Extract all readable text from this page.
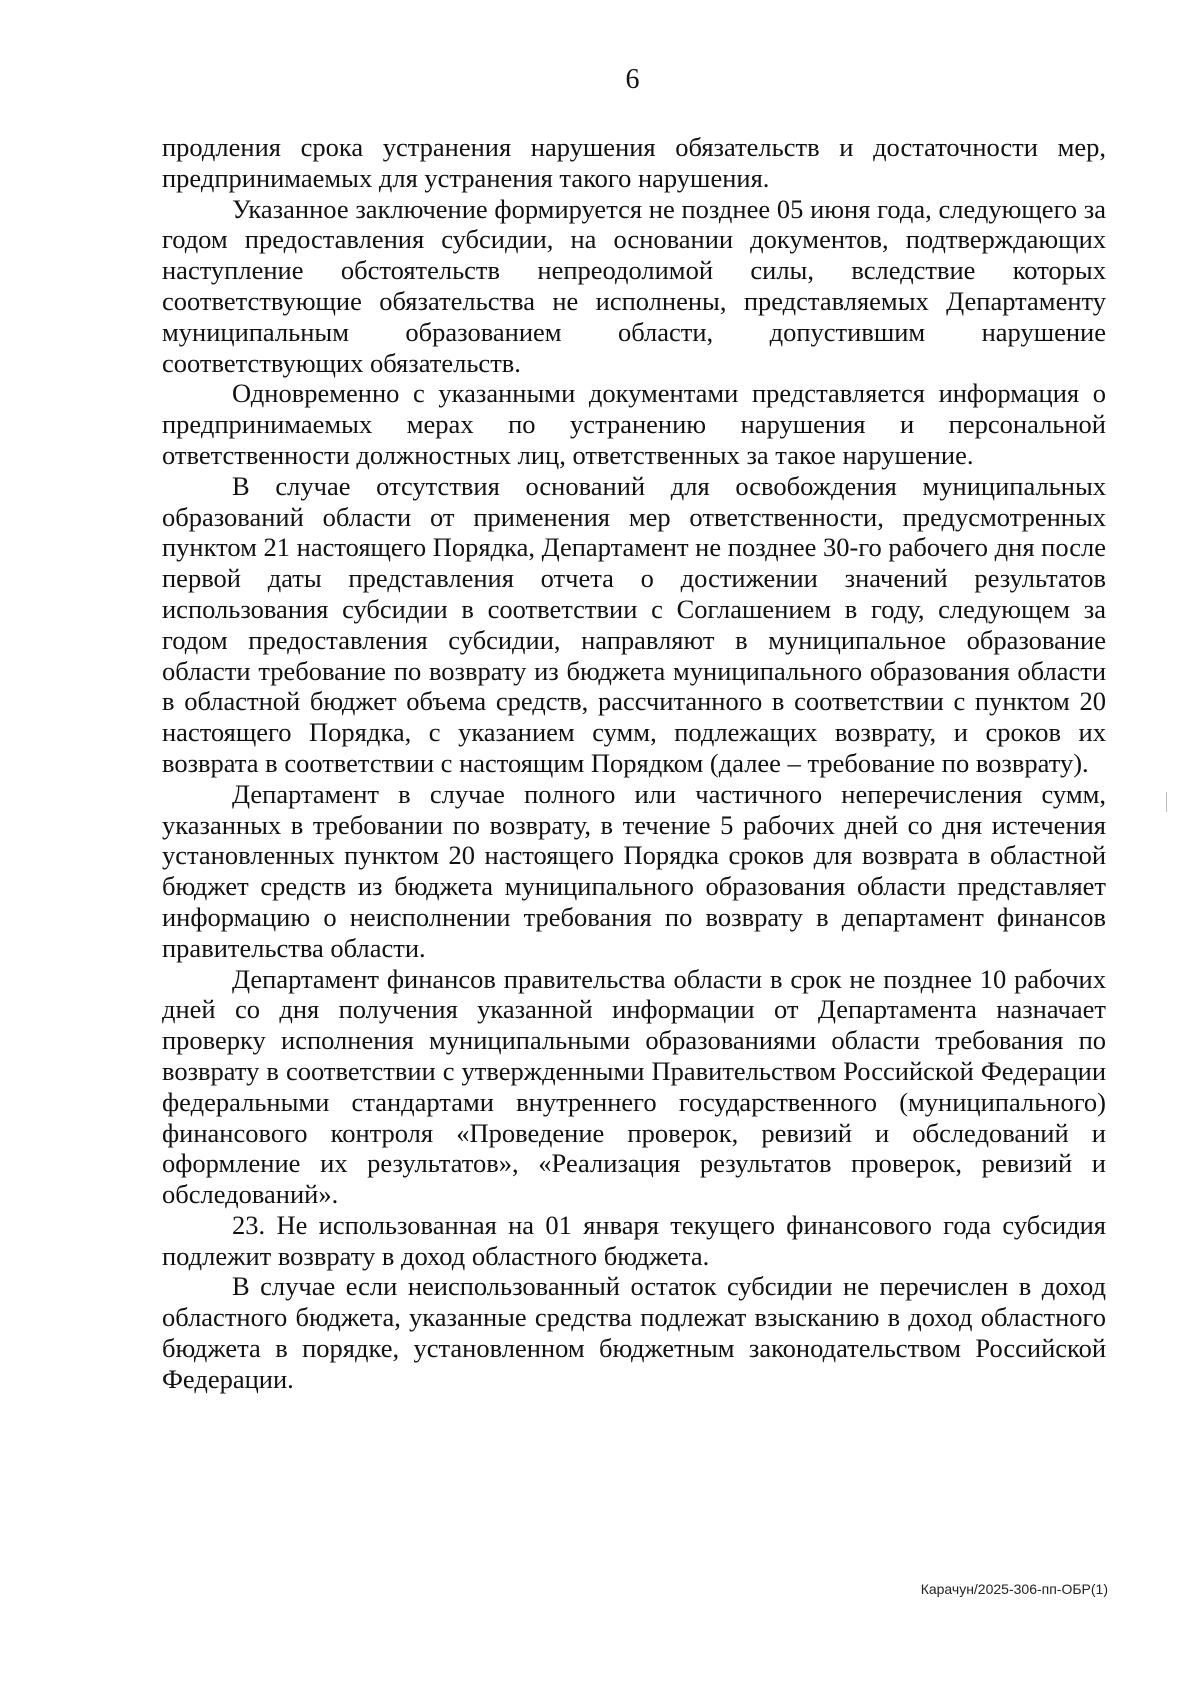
6

продления срока устранения нарушения обязательств и достаточности мер, предпринимаемых для устранения такого нарушения.

Указанное заключение формируется не позднее 05 июня года, следующего за годом предоставления субсидии, на основании документов, подтверждающих наступление обстоятельств непреодолимой силы, вследствие которых соответствующие обязательства не исполнены, представляемых Департаменту муниципальным образованием области, допустившим нарушение соответствующих обязательств.

Одновременно с указанными документами представляется информация о предпринимаемых мерах по устранению нарушения и персональной ответственности должностных лиц, ответственных за такое нарушение.

В случае отсутствия оснований для освобождения муниципальных образований области от применения мер ответственности, предусмотренных пунктом 21 настоящего Порядка, Департамент не позднее 30-го рабочего дня после первой даты представления отчета о достижении значений результатов использования субсидии в соответствии с Соглашением в году, следующем за годом предоставления субсидии, направляют в муниципальное образование области требование по возврату из бюджета муниципального образования области в областной бюджет объема средств, рассчитанного в соответствии с пунктом 20 настоящего Порядка, с указанием сумм, подлежащих возврату, и сроков их возврата в соответствии с настоящим Порядком (далее – требование по возврату).

Департамент в случае полного или частичного неперечисления сумм, указанных в требовании по возврату, в течение 5 рабочих дней со дня истечения установленных пунктом 20 настоящего Порядка сроков для возврата в областной бюджет средств из бюджета муниципального образования области представляет информацию о неисполнении требования по возврату в департамент финансов правительства области.

Департамент финансов правительства области в срок не позднее 10 рабочих дней со дня получения указанной информации от Департамента назначает проверку исполнения муниципальными образованиями области требования по возврату в соответствии с утвержденными Правительством Российской Федерации федеральными стандартами внутреннего государственного (муниципального) финансового контроля «Проведение проверок, ревизий и обследований и оформление их результатов», «Реализация результатов проверок, ревизий и обследований».

23. Не использованная на 01 января текущего финансового года субсидия подлежит возврату в доход областного бюджета.

В случае если неиспользованный остаток субсидии не перечислен в доход областного бюджета, указанные средства подлежат взысканию в доход областного бюджета в порядке, установленном бюджетным законодательством Российской Федерации.

Карачун/2025-306-пп-ОБР(1)
